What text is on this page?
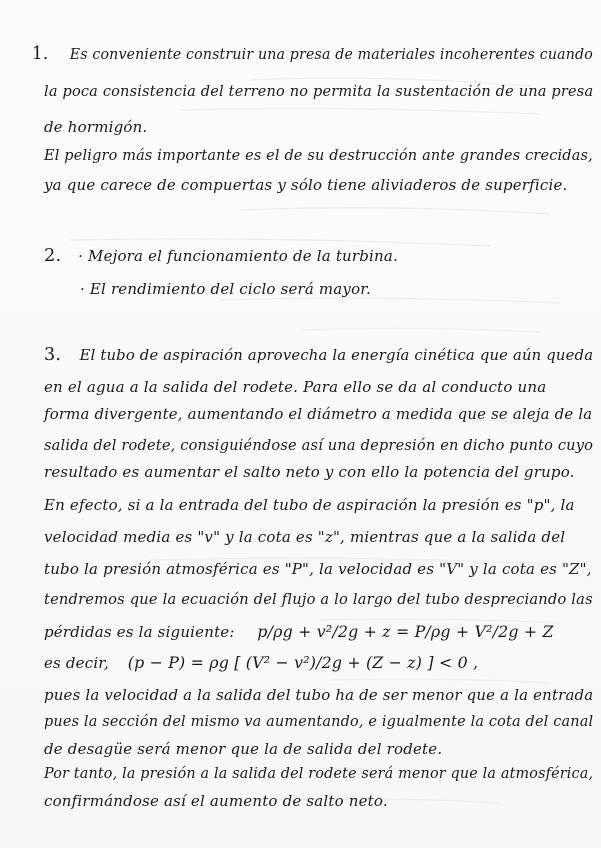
1. Es conveniente construir una presa de materiales incoherentes cuando
la poca consistencia del terreno no permita la sustentación de una presa
de hormigón.
El peligro más importante es el de su destrucción ante grandes crecidas,
ya que carece de compuertas y sólo tiene aliviaderos de superficie.
2. · Mejora el funcionamiento de la turbina.
· El rendimiento del ciclo será mayor.
3. El tubo de aspiración aprovecha la energía cinética que aún queda
en el agua a la salida del rodete. Para ello se da al conducto una
forma divergente, aumentando el diámetro a medida que se aleja de la
salida del rodete, consiguiéndose así una depresión en dicho punto cuyo
resultado es aumentar el salto neto y con ello la potencia del grupo.
En efecto, si a la entrada del tubo de aspiración la presión es "p", la
velocidad media es "v" y la cota es "z", mientras que a la salida del
tubo la presión atmosférica es "P", la velocidad es "V" y la cota es "Z",
tendremos que la ecuación del flujo a lo largo del tubo despreciando las
pérdidas es la siguiente: p/ρg + v²/2g + z = P/ρg + V²/2g + Z
es decir, (p − P) = ρg [ (V² − v²)/2g + (Z − z) ] < 0 ,
pues la velocidad a la salida del tubo ha de ser menor que a la entrada
pues la sección del mismo va aumentando, e igualmente la cota del canal
de desagüe será menor que la de salida del rodete.
Por tanto, la presión a la salida del rodete será menor que la atmosférica,
confirmándose así el aumento de salto neto.
